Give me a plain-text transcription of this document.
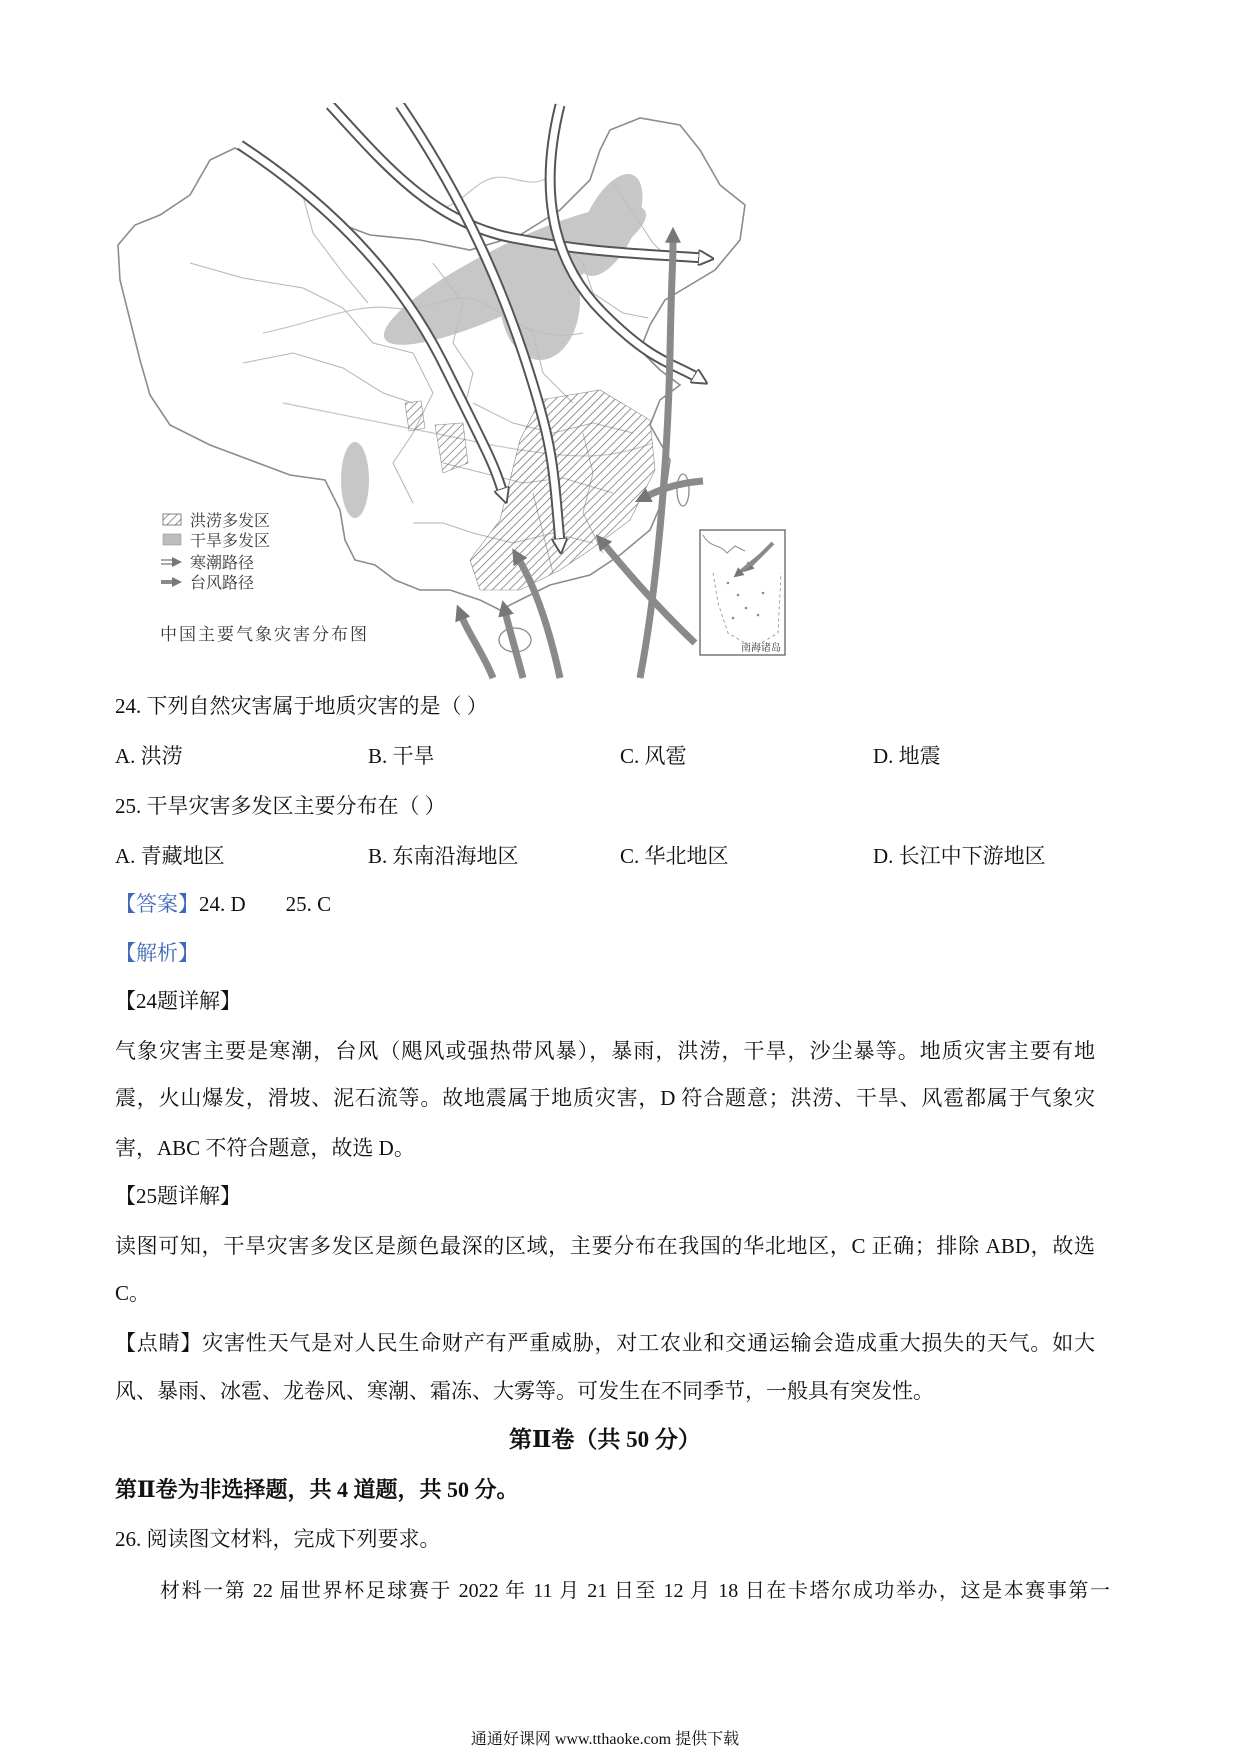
南海诸岛
洪涝多发区
干旱多发区
寒潮路径
台风路径
中国主要气象灾害分布图
24. 下列自然灾害属于地质灾害的是（ ）
A. 洪涝	B. 干旱	C. 风雹	D. 地震
25. 干旱灾害多发区主要分布在（ ）
A. 青藏地区	B. 东南沿海地区	C. 华北地区	D. 长江中下游地区
【答案】24. D 25. C
【解析】
【24题详解】
气象灾害主要是寒潮，台风（飓风或强热带风暴），暴雨，洪涝，干旱，沙尘暴等。地质灾害主要有地
震，火山爆发，滑坡、泥石流等。故地震属于地质灾害，D 符合题意；洪涝、干旱、风雹都属于气象灾
害，ABC 不符合题意，故选 D。
【25题详解】
读图可知，干旱灾害多发区是颜色最深的区域，主要分布在我国的华北地区，C 正确；排除 ABD，故选
C。
【点睛】灾害性天气是对人民生命财产有严重威胁，对工农业和交通运输会造成重大损失的天气。如大
风、暴雨、冰雹、龙卷风、寒潮、霜冻、大雾等。可发生在不同季节，一般具有突发性。
第Ⅱ卷（共 50 分）
第Ⅱ卷为非选择题，共 4 道题，共 50 分。
26. 阅读图文材料，完成下列要求。
材料一第 22 届世界杯足球赛于 2022 年 11 月 21 日至 12 月 18 日在卡塔尔成功举办，这是本赛事第一
通通好课网 www.tthaoke.com 提供下载
